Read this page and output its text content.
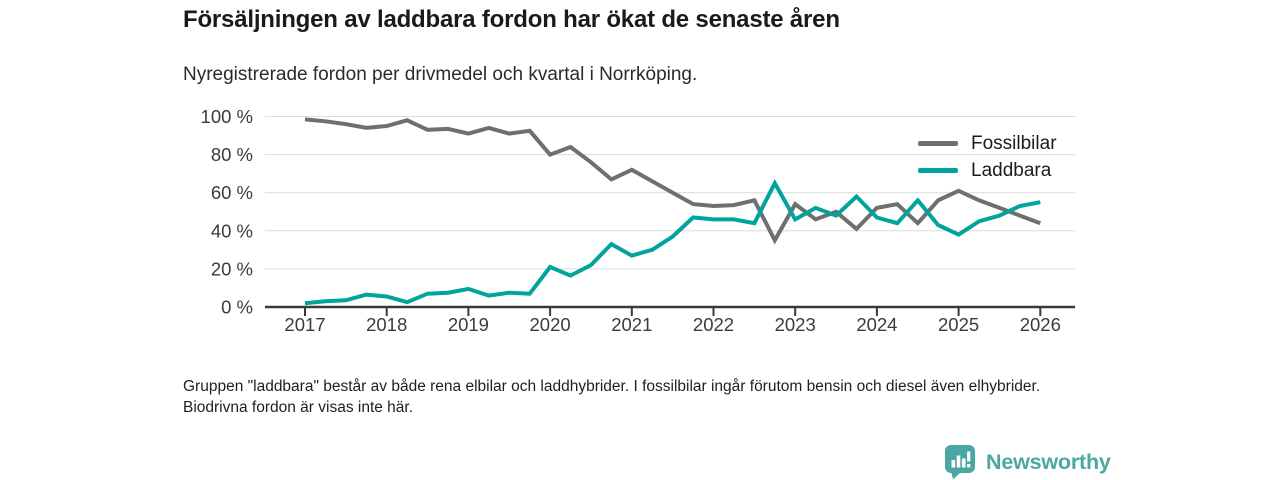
Försäljningen av laddbara fordon har ökat de senaste åren
Nyregistrerade fordon per drivmedel och kvartal i Norrköping.
0 %
20 %
40 %
60 %
80 %
100 %
2017 2018 2019 2020 2021 2022 2023 2024 2025 2026
Fossilbilar
Laddbara
Gruppen "laddbara" består av både rena elbilar och laddhybrider. I fossilbilar ingår förutom bensin och diesel även elhybrider. Biodrivna fordon är visas inte här.
Newsworthy
